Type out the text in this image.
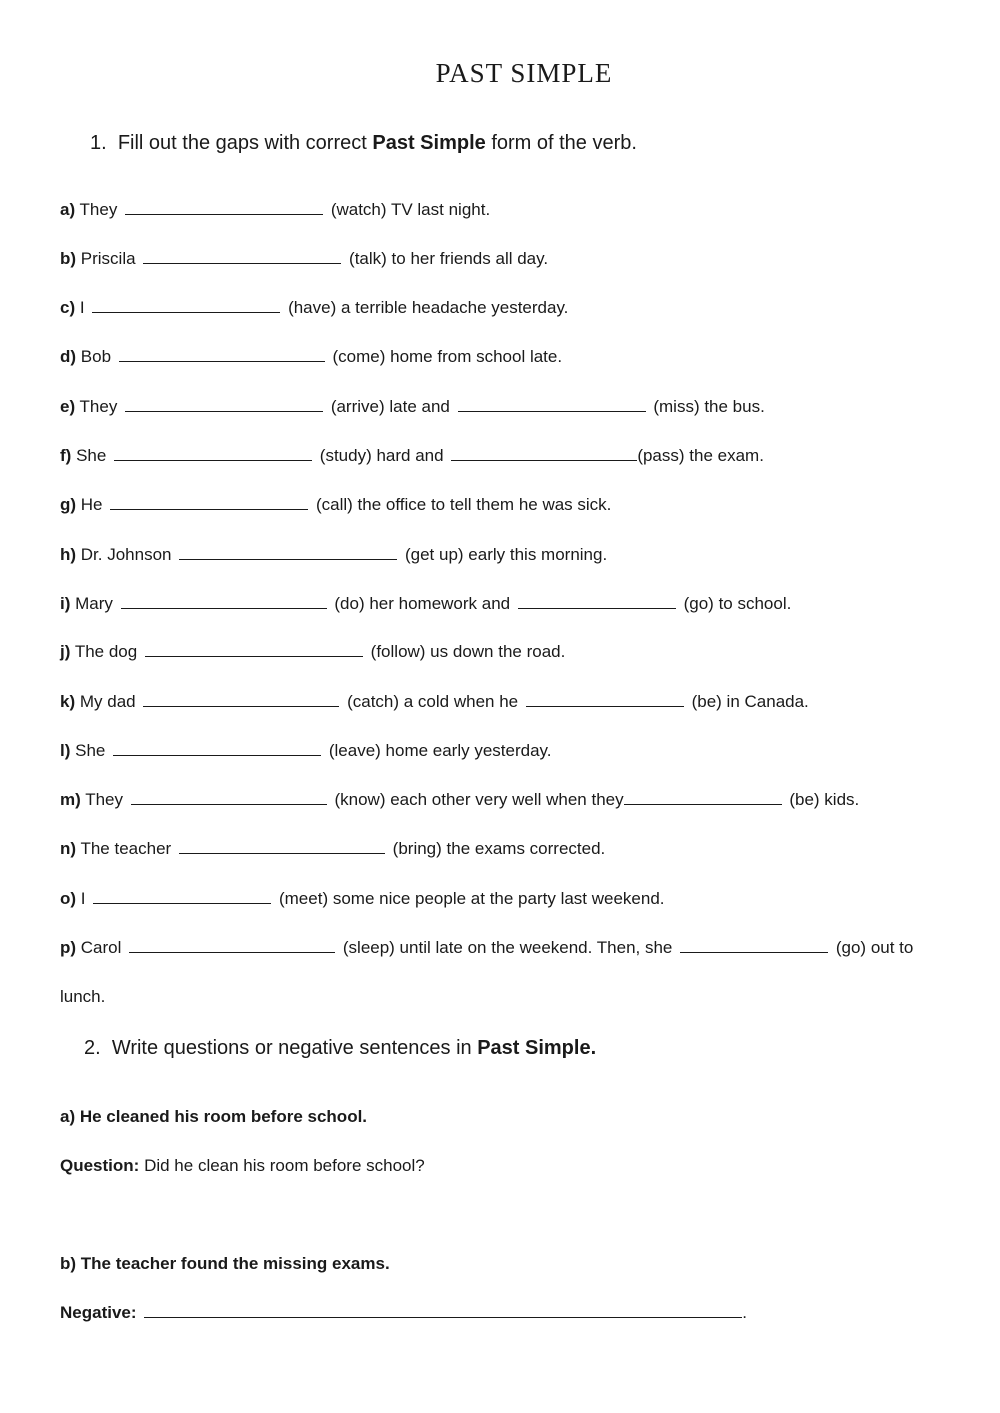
PAST SIMPLE
1. Fill out the gaps with correct Past Simple form of the verb.
a) They	(watch) TV last night.
b) Priscila	(talk) to her friends all day.
c) I	(have) a terrible headache yesterday.
d) Bob	(come) home from school late.
e) They	(arrive) late and	(miss) the bus.
f) She	(study) hard and	(pass) the exam.
g) He	(call) the office to tell them he was sick.
h) Dr. Johnson	(get up) early this morning.
i) Mary	(do) her homework and	(go) to school.
j) The dog	(follow) us down the road.
k) My dad	(catch) a cold when he	(be) in Canada.
l) She	(leave) home early yesterday.
m) They	(know) each other very well when they	(be) kids.
n) The teacher	(bring) the exams corrected.
o) I	(meet) some nice people at the party last weekend.
p) Carol	(sleep) until late on the weekend. Then, she	(go) out to
lunch.
2. Write questions or negative sentences in Past Simple.
a) He cleaned his room before school.
Question: Did he clean his room before school?
b) The teacher found the missing exams.
Negative:	.
